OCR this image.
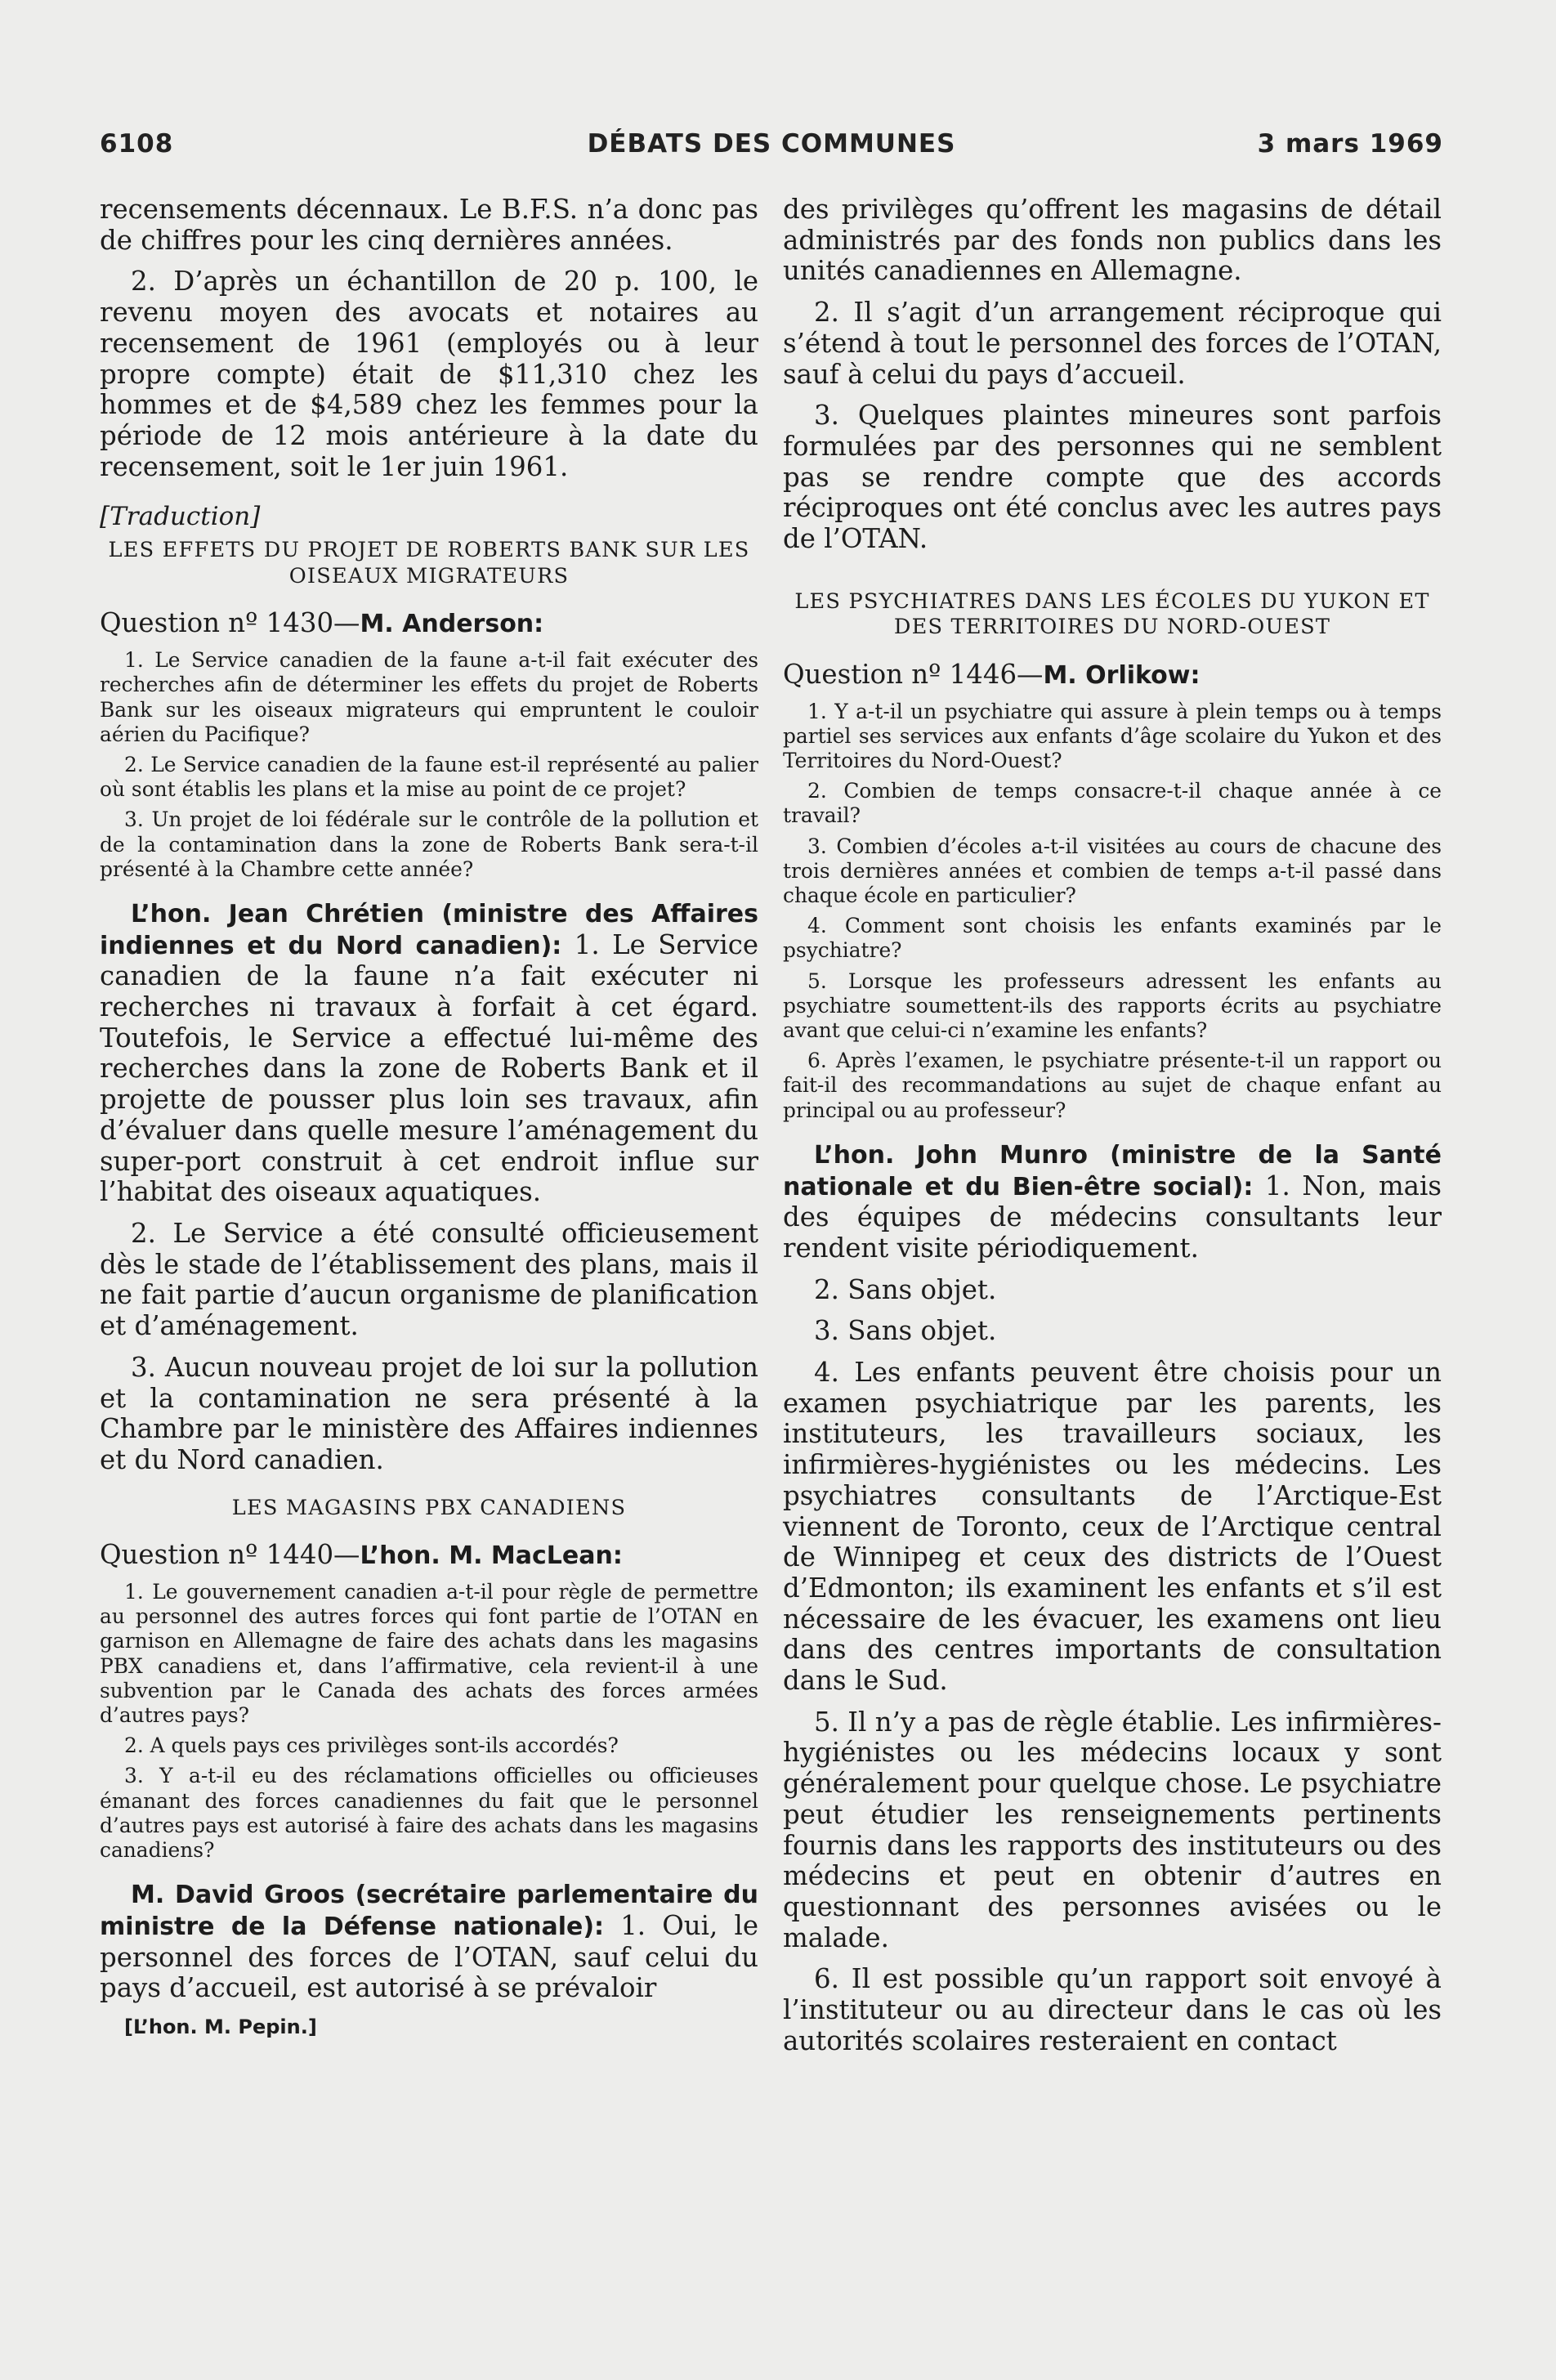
6108	DÉBATS DES COMMUNES	3 mars 1969

recensements décennaux. Le B.F.S. n’a donc pas de chiffres pour les cinq dernières années.

2. D’après un échantillon de 20 p. 100, le revenu moyen des avocats et notaires au recensement de 1961 (employés ou à leur propre compte) était de $11,310 chez les hommes et de $4,589 chez les femmes pour la période de 12 mois antérieure à la date du recensement, soit le 1er juin 1961.

[Traduction]

LES EFFETS DU PROJET DE ROBERTS BANK SUR LES OISEAUX MIGRATEURS

Question nº 1430—M. Anderson:

1. Le Service canadien de la faune a-t-il fait exécuter des recherches afin de déterminer les effets du projet de Roberts Bank sur les oiseaux migrateurs qui empruntent le couloir aérien du Pacifique?

2. Le Service canadien de la faune est-il représenté au palier où sont établis les plans et la mise au point de ce projet?

3. Un projet de loi fédérale sur le contrôle de la pollution et de la contamination dans la zone de Roberts Bank sera-t-il présenté à la Chambre cette année?

L’hon. Jean Chrétien (ministre des Affaires indiennes et du Nord canadien): 1. Le Service canadien de la faune n’a fait exécuter ni recherches ni travaux à forfait à cet égard. Toutefois, le Service a effectué lui-même des recherches dans la zone de Roberts Bank et il projette de pousser plus loin ses travaux, afin d’évaluer dans quelle mesure l’aménagement du super-port construit à cet endroit influe sur l’habitat des oiseaux aquatiques.

2. Le Service a été consulté officieusement dès le stade de l’établissement des plans, mais il ne fait partie d’aucun organisme de planification et d’aménagement.

3. Aucun nouveau projet de loi sur la pollution et la contamination ne sera présenté à la Chambre par le ministère des Affaires indiennes et du Nord canadien.

LES MAGASINS PBX CANADIENS

Question nº 1440—L’hon. M. MacLean:

1. Le gouvernement canadien a-t-il pour règle de permettre au personnel des autres forces qui font partie de l’OTAN en garnison en Allemagne de faire des achats dans les magasins PBX canadiens et, dans l’affirmative, cela revient-il à une subvention par le Canada des achats des forces armées d’autres pays?

2. A quels pays ces privilèges sont-ils accordés?

3. Y a-t-il eu des réclamations officielles ou officieuses émanant des forces canadiennes du fait que le personnel d’autres pays est autorisé à faire des achats dans les magasins canadiens?

M. David Groos (secrétaire parlementaire du ministre de la Défense nationale): 1. Oui, le personnel des forces de l’OTAN, sauf celui du pays d’accueil, est autorisé à se prévaloir

[L’hon. M. Pepin.]

des privilèges qu’offrent les magasins de détail administrés par des fonds non publics dans les unités canadiennes en Allemagne.

2. Il s’agit d’un arrangement réciproque qui s’étend à tout le personnel des forces de l’OTAN, sauf à celui du pays d’accueil.

3. Quelques plaintes mineures sont parfois formulées par des personnes qui ne semblent pas se rendre compte que des accords réciproques ont été conclus avec les autres pays de l’OTAN.

LES PSYCHIATRES DANS LES ÉCOLES DU YUKON ET DES TERRITOIRES DU NORD-OUEST

Question nº 1446—M. Orlikow:

1. Y a-t-il un psychiatre qui assure à plein temps ou à temps partiel ses services aux enfants d’âge scolaire du Yukon et des Territoires du Nord-Ouest?

2. Combien de temps consacre-t-il chaque année à ce travail?

3. Combien d’écoles a-t-il visitées au cours de chacune des trois dernières années et combien de temps a-t-il passé dans chaque école en particulier?

4. Comment sont choisis les enfants examinés par le psychiatre?

5. Lorsque les professeurs adressent les enfants au psychiatre soumettent-ils des rapports écrits au psychiatre avant que celui-ci n’examine les enfants?

6. Après l’examen, le psychiatre présente-t-il un rapport ou fait-il des recommandations au sujet de chaque enfant au principal ou au professeur?

L’hon. John Munro (ministre de la Santé nationale et du Bien-être social): 1. Non, mais des équipes de médecins consultants leur rendent visite périodiquement.

2. Sans objet.

3. Sans objet.

4. Les enfants peuvent être choisis pour un examen psychiatrique par les parents, les instituteurs, les travailleurs sociaux, les infirmières-hygiénistes ou les médecins. Les psychiatres consultants de l’Arctique-Est viennent de Toronto, ceux de l’Arctique central de Winnipeg et ceux des districts de l’Ouest d’Edmonton; ils examinent les enfants et s’il est nécessaire de les évacuer, les examens ont lieu dans des centres importants de consultation dans le Sud.

5. Il n’y a pas de règle établie. Les infirmières-hygiénistes ou les médecins locaux y sont généralement pour quelque chose. Le psychiatre peut étudier les renseignements pertinents fournis dans les rapports des instituteurs ou des médecins et peut en obtenir d’autres en questionnant des personnes avisées ou le malade.

6. Il est possible qu’un rapport soit envoyé à l’instituteur ou au directeur dans le cas où les autorités scolaires resteraient en contact
